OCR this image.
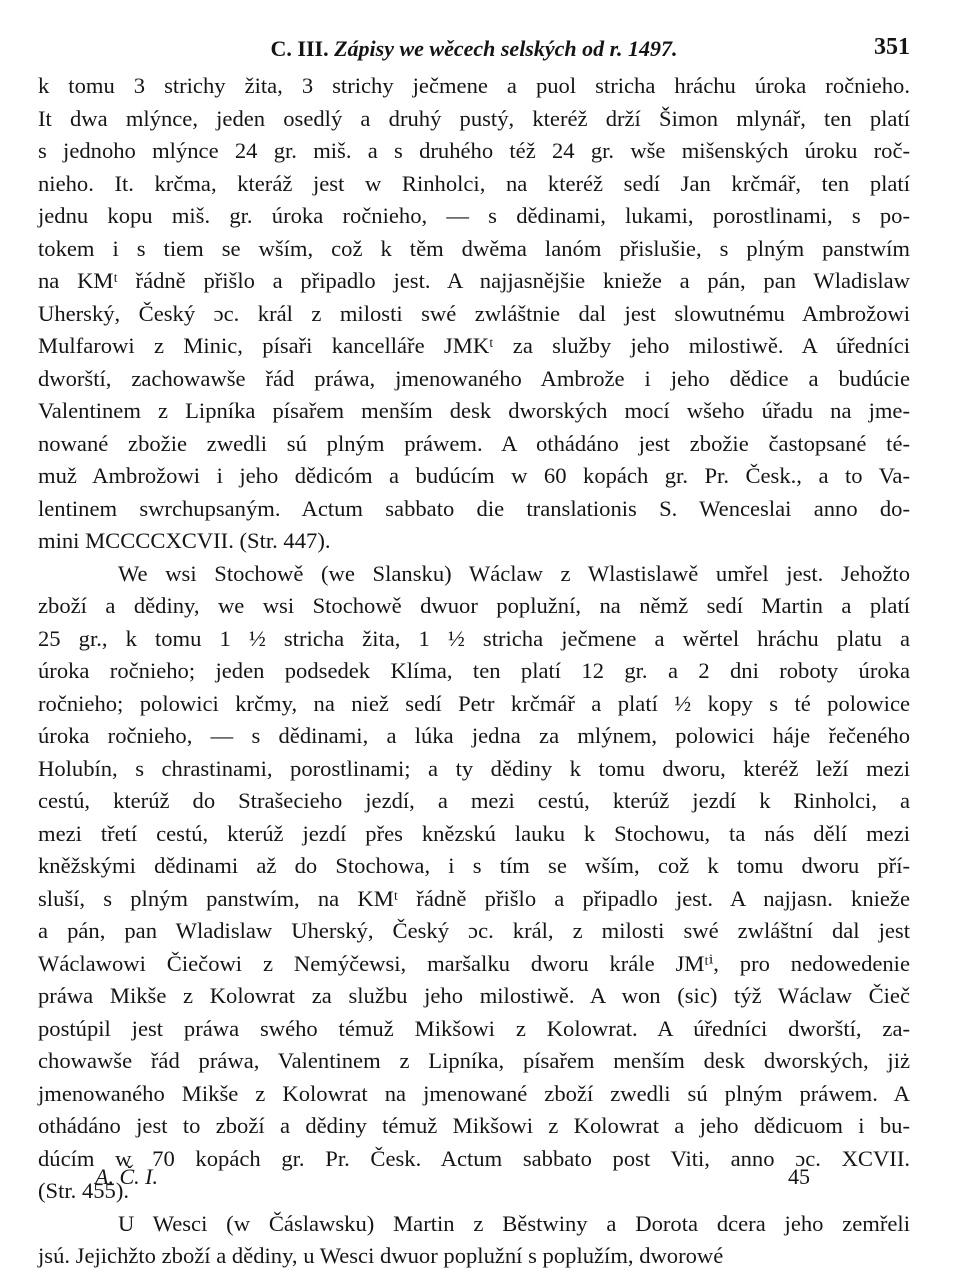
C. III. Zápisy we wěcech selských od r. 1497.	351

k tomu 3 strichy žita, 3 strichy ječmene a puol stricha hráchu úroka ročnieho.
It dwa mlýnce, jeden osedlý a druhý pustý, kteréž drží Šimon mlynář, ten platí
s jednoho mlýnce 24 gr. miš. a s druhého též 24 gr. wše mišenských úroku roč-
nieho. It. krčma, kteráž jest w Rinholci, na kteréž sedí Jan krčmář, ten platí
jednu kopu miš. gr. úroka ročnieho, — s dědinami, lukami, porostlinami, s po-
tokem i s tiem se wším, což k těm dwěma lanóm přislušie, s plným panstwím
na KMᵗ řádně přišlo a připadlo jest. A najjasnějšie knieže a pán, pan Wladislaw
Uherský, Český ɔc. král z milosti swé zwláštnie dal jest slowutnému Ambrožowi
Mulfarowi z Minic, písaři kancelláře JMKᵗ za služby jeho milostiwě. A úředníci
dworští, zachowawše řád práwa, jmenowaného Ambrože i jeho dědice a budúcie
Valentinem z Lipníka písařem menším desk dworských mocí wšeho úřadu na jme-
nowané zbožie zwedli sú plným práwem. A othádáno jest zbožie častopsané té-
muž Ambrožowi i jeho dědicóm a budúcím w 60 kopách gr. Pr. Česk., a to Va-
lentinem swrchupsaným. Actum sabbato die translationis S. Wenceslai anno do-
mini MCCCCXCVII. (Str. 447).

We wsi Stochowě (we Slansku) Wáclaw z Wlastislawě umřel jest. Jehožto
zboží a dědiny, we wsi Stochowě dwuor poplužní, na němž sedí Martin a platí
25 gr., k tomu 1 ½ stricha žita, 1 ½ stricha ječmene a wěrtel hráchu platu a
úroka ročnieho; jeden podsedek Klíma, ten platí 12 gr. a 2 dni roboty úroka
ročnieho; polowici krčmy, na niež sedí Petr krčmář a platí ½ kopy s té polowice
úroka ročnieho, — s dědinami, a lúka jedna za mlýnem, polowici háje řečeného
Holubín, s chrastinami, porostlinami; a ty dědiny k tomu dworu, kteréž leží mezi
cestú, kterúž do Strašecieho jezdí, a mezi cestú, kterúž jezdí k Rinholci, a
mezi třetí cestú, kterúž jezdí přes knězskú lauku k Stochowu, ta nás dělí mezi
kněžskými dědinami až do Stochowa, i s tím se wším, což k tomu dworu pří-
sluší, s plným panstwím, na KMᵗ řádně přišlo a připadlo jest. A najjasn. knieže
a pán, pan Wladislaw Uherský, Český ɔc. král, z milosti swé zwláštní dal jest
Wáclawowi Čiečowi z Nemýčewsi, maršalku dworu krále JMᵗⁱ, pro nedowedenie
práwa Mikše z Kolowrat za službu jeho milostiwě. A won (sic) týž Wáclaw Čieč
postúpil jest práwa swého témuž Mikšowi z Kolowrat. A úředníci dworští, za-
chowawše řád práwa, Valentinem z Lipníka, písařem menším desk dworských, jiż
jmenowaného Mikše z Kolowrat na jmenowané zboží zwedli sú plným práwem. A
othádáno jest to zboží a dědiny témuž Mikšowi z Kolowrat a jeho dědicuom i bu-
dúcím w 70 kopách gr. Pr. Česk. Actum sabbato post Viti, anno ɔc. XCVII.
(Str. 455).

U Wesci (w Čáslawsku) Martin z Běstwiny a Dorota dcera jeho zemřeli
jsú. Jejichžto zboží a dědiny, u Wesci dwuor poplužní s poplužím, dworowé

A. Č. I.	45
